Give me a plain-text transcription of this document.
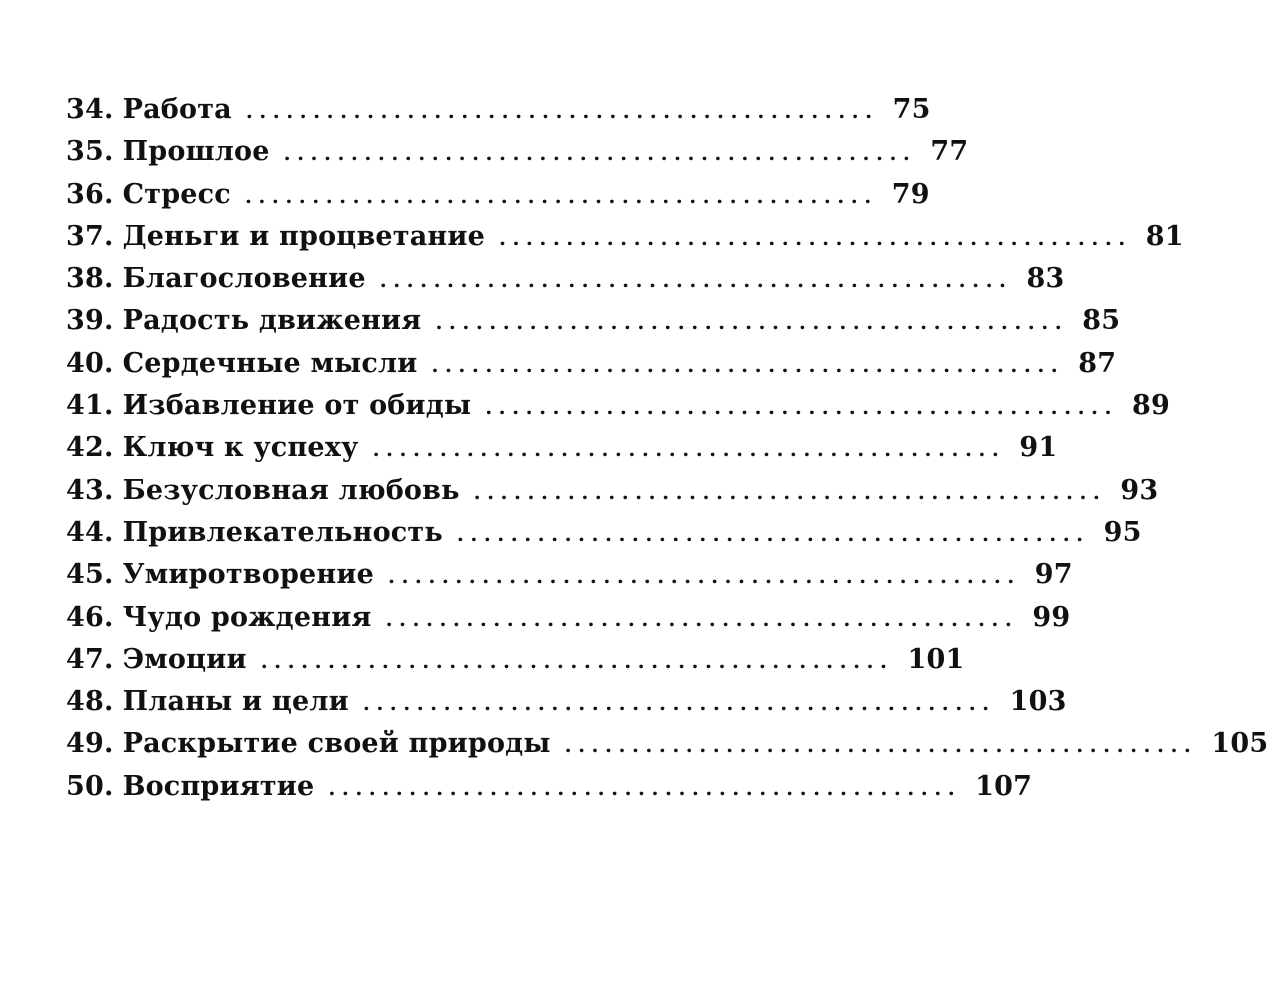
34. Работа ............................................... 75
35. Прошлое ............................................... 77
36. Стресс ............................................... 79
37. Деньги и процветание ............................................... 81
38. Благословение ............................................... 83
39. Радость движения ............................................... 85
40. Сердечные мысли ............................................... 87
41. Избавление от обиды ............................................... 89
42. Ключ к успеху ............................................... 91
43. Безусловная любовь ............................................... 93
44. Привлекательность ............................................... 95
45. Умиротворение ............................................... 97
46. Чудо рождения ............................................... 99
47. Эмоции ............................................... 101
48. Планы и цели ............................................... 103
49. Раскрытие своей природы ............................................... 105
50. Восприятие ............................................... 107
